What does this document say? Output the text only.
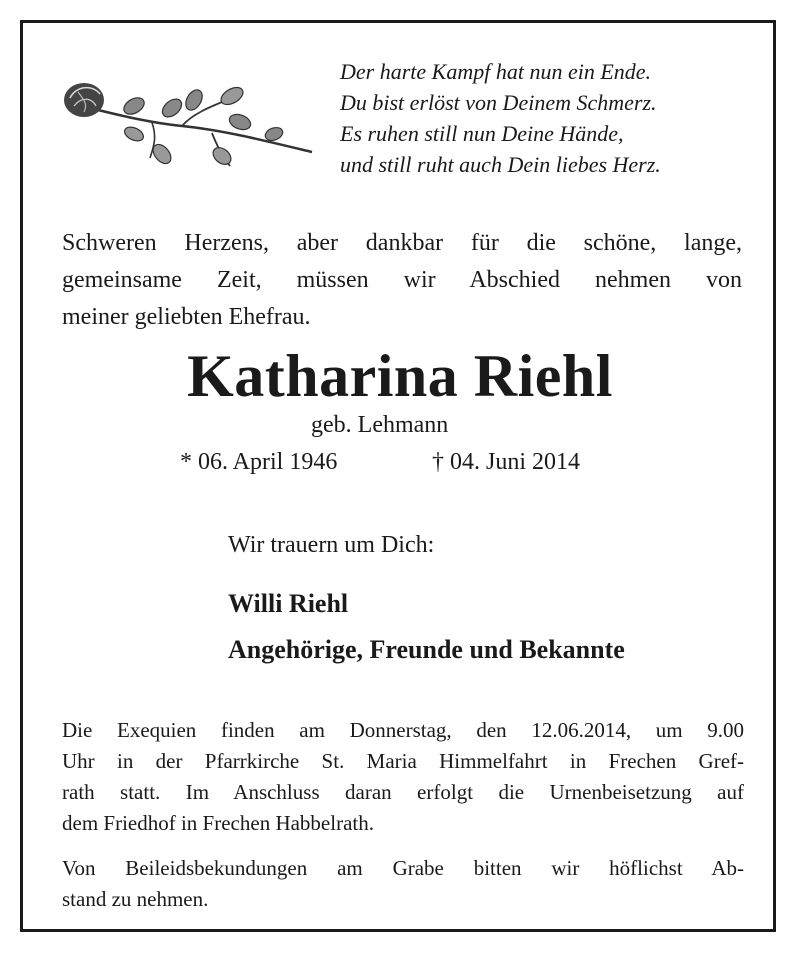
Der harte Kampf hat nun ein Ende.
Du bist erlöst von Deinem Schmerz.
Es ruhen still nun Deine Hände,
und still ruht auch Dein liebes Herz.
Schweren Herzens, aber dankbar für die schöne, lange,
gemeinsame Zeit, müssen wir Abschied nehmen von
meiner geliebten Ehefrau.
Katharina Riehl
geb. Lehmann
* 06. April 1946	† 04. Juni 2014
Wir trauern um Dich:
Willi Riehl
Angehörige, Freunde und Bekannte
Die Exequien finden am Donnerstag, den 12.06.2014, um 9.00
Uhr in der Pfarrkirche St. Maria Himmelfahrt in Frechen Gref-
rath statt. Im Anschluss daran erfolgt die Urnenbeisetzung auf
dem Friedhof in Frechen Habbelrath.
Von Beileidsbekundungen am Grabe bitten wir höflichst Ab-
stand zu nehmen.
